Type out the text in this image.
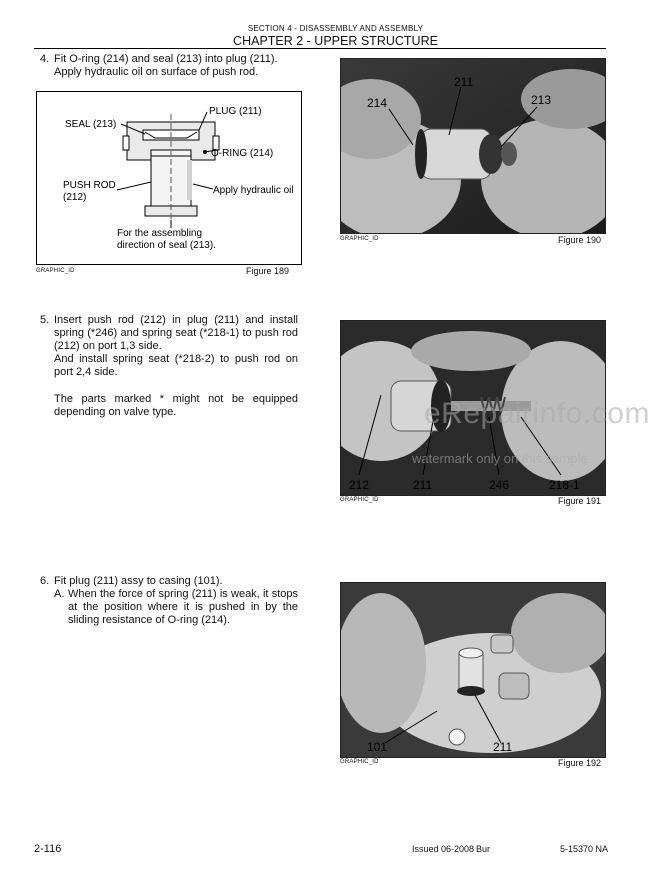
SECTION 4 - DISASSEMBLY AND ASSEMBLY
CHAPTER 2 - UPPER STRUCTURE
4. Fit O-ring (214) and seal (213) into plug (211).
Apply hydraulic oil on surface of push rod.
SEAL (213)
PLUG (211)
O-RING (214)
PUSH ROD
(212)
Apply hydraulic oil
For the assembling
direction of seal (213).
GRAPHIC_ID	Figure 189
211
214	213
GRAPHIC_ID	Figure 190
5. Insert push rod (212) in plug (211) and install spring (*246) and spring seat (*218-1) to push rod (212) on port 1,3 side.
And install spring seat (*218-2) to push rod on port 2,4 side.
The parts marked * might not be equipped depending on valve type.
212	211	246	218-1
GRAPHIC_ID	Figure 191
eRepairinfo.com
watermark only on this sample
6. Fit plug (211) assy to casing (101).
A. When the force of spring (211) is weak, it stops at the position where it is pushed in by the sliding resistance of O-ring (214).
101	211
GRAPHIC_ID	Figure 192
2-116	Issued 06-2008 Bur	5-15370 NA
